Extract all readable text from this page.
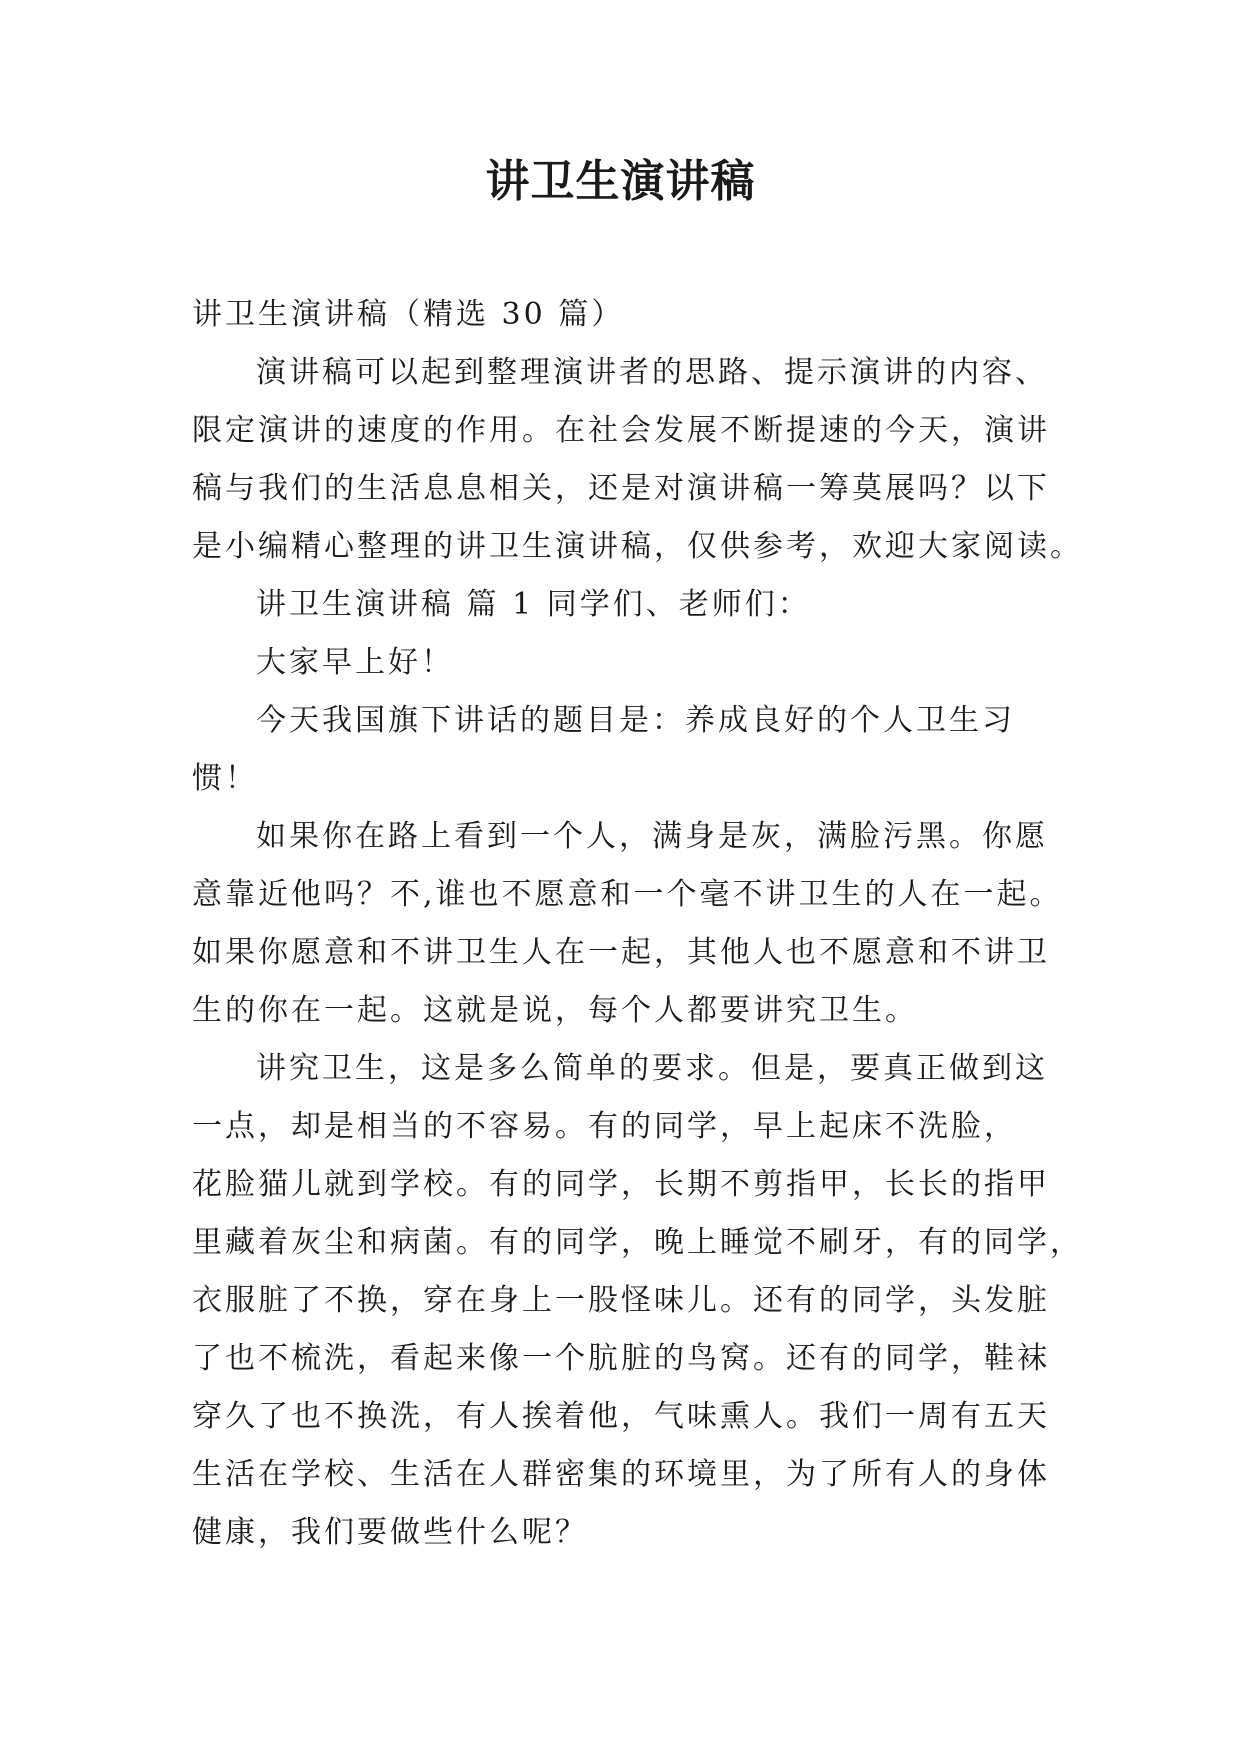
讲卫生演讲稿
讲卫生演讲稿（精选 30 篇）
演讲稿可以起到整理演讲者的思路、提示演讲的内容、
限定演讲的速度的作用。在社会发展不断提速的今天，演讲
稿与我们的生活息息相关，还是对演讲稿一筹莫展吗？以下
是小编精心整理的讲卫生演讲稿，仅供参考，欢迎大家阅读。
讲卫生演讲稿 篇 1 同学们、老师们：
大家早上好！
今天我国旗下讲话的题目是：养成良好的个人卫生习
惯！
如果你在路上看到一个人，满身是灰，满脸污黑。你愿
意靠近他吗？不,谁也不愿意和一个毫不讲卫生的人在一起。
如果你愿意和不讲卫生人在一起，其他人也不愿意和不讲卫
生的你在一起。这就是说，每个人都要讲究卫生。
讲究卫生，这是多么简单的要求。但是，要真正做到这
一点，却是相当的不容易。有的同学，早上起床不洗脸，
花脸猫儿就到学校。有的同学，长期不剪指甲，长长的指甲
里藏着灰尘和病菌。有的同学，晚上睡觉不刷牙，有的同学，
衣服脏了不换，穿在身上一股怪味儿。还有的同学，头发脏
了也不梳洗，看起来像一个肮脏的鸟窝。还有的同学，鞋袜
穿久了也不换洗，有人挨着他，气味熏人。我们一周有五天
生活在学校、生活在人群密集的环境里，为了所有人的身体
健康，我们要做些什么呢？
